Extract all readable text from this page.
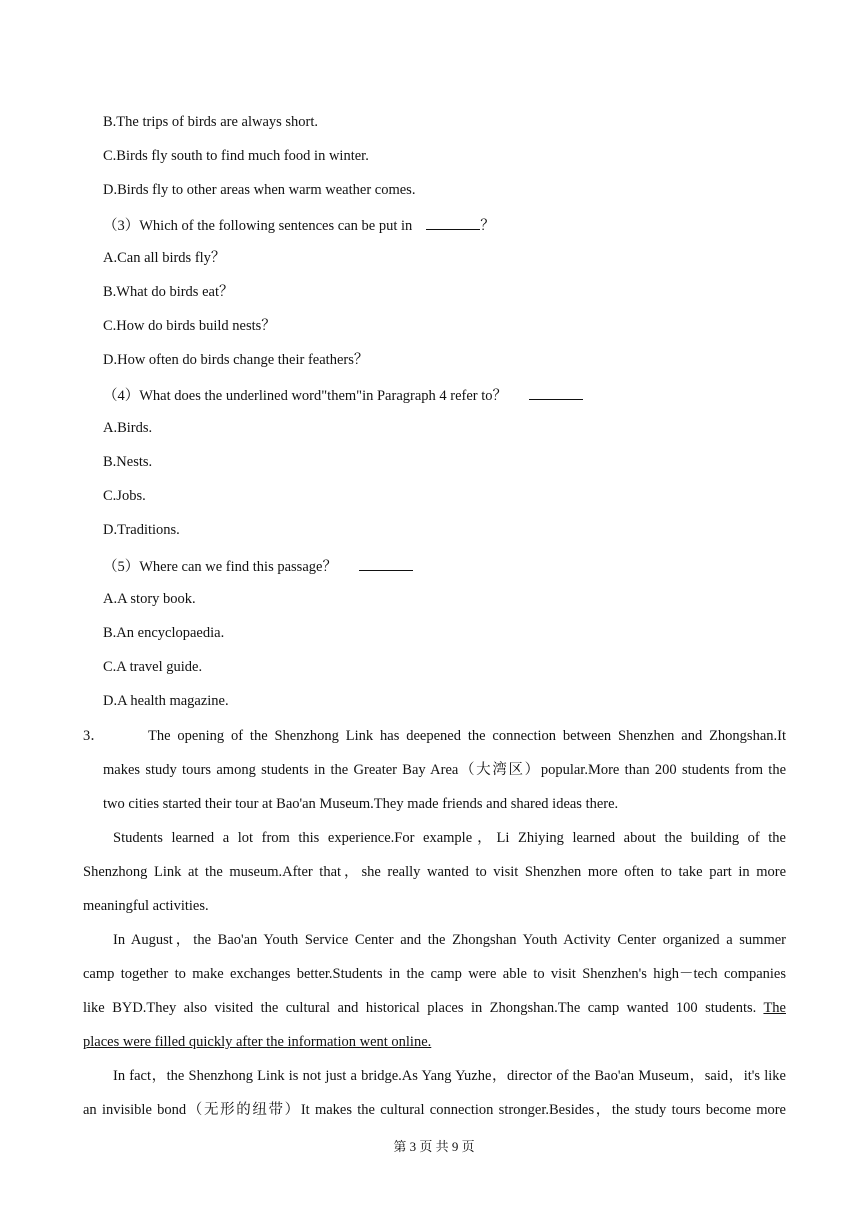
B.The trips of birds are always short.
C.Birds fly south to find much food in winter.
D.Birds fly to other areas when warm weather comes.
（3）Which of the following sentences can be put in	？
A.Can all birds fly？
B.What do birds eat？
C.How do birds build nests？
D.How often do birds change their feathers？
（4）What does the underlined word"them"in Paragraph 4 refer to？
A.Birds.
B.Nests.
C.Jobs.
D.Traditions.
（5）Where can we find this passage？
A.A story book.
B.An encyclopaedia.
C.A travel guide.
D.A health magazine.
3．	The opening of the Shenzhong Link has deepened the connection between Shenzhen and Zhongshan.It
makes study tours among students in the Greater Bay Area（大湾区）popular.More than 200 students from the
two cities started their tour at Bao'an Museum.They made friends and shared ideas there.
Students learned a lot from this experience.For example，Li Zhiying learned about the building of the
Shenzhong Link at the museum.After that，she really wanted to visit Shenzhen more often to take part in more
meaningful activities.
In August，the Bao'an Youth Service Center and the Zhongshan Youth Activity Center organized a summer
camp together to make exchanges better.Students in the camp were able to visit Shenzhen's high－tech companies
like BYD.They also visited the cultural and historical places in Zhongshan.The camp wanted 100 students. The
places were filled quickly after the information went online.
In fact，the Shenzhong Link is not just a bridge.As Yang Yuzhe，director of the Bao'an Museum，said，it's like
an invisible bond（无形的纽带）It makes the cultural connection stronger.Besides，the study tours become more
第 3 页 共 9 页
